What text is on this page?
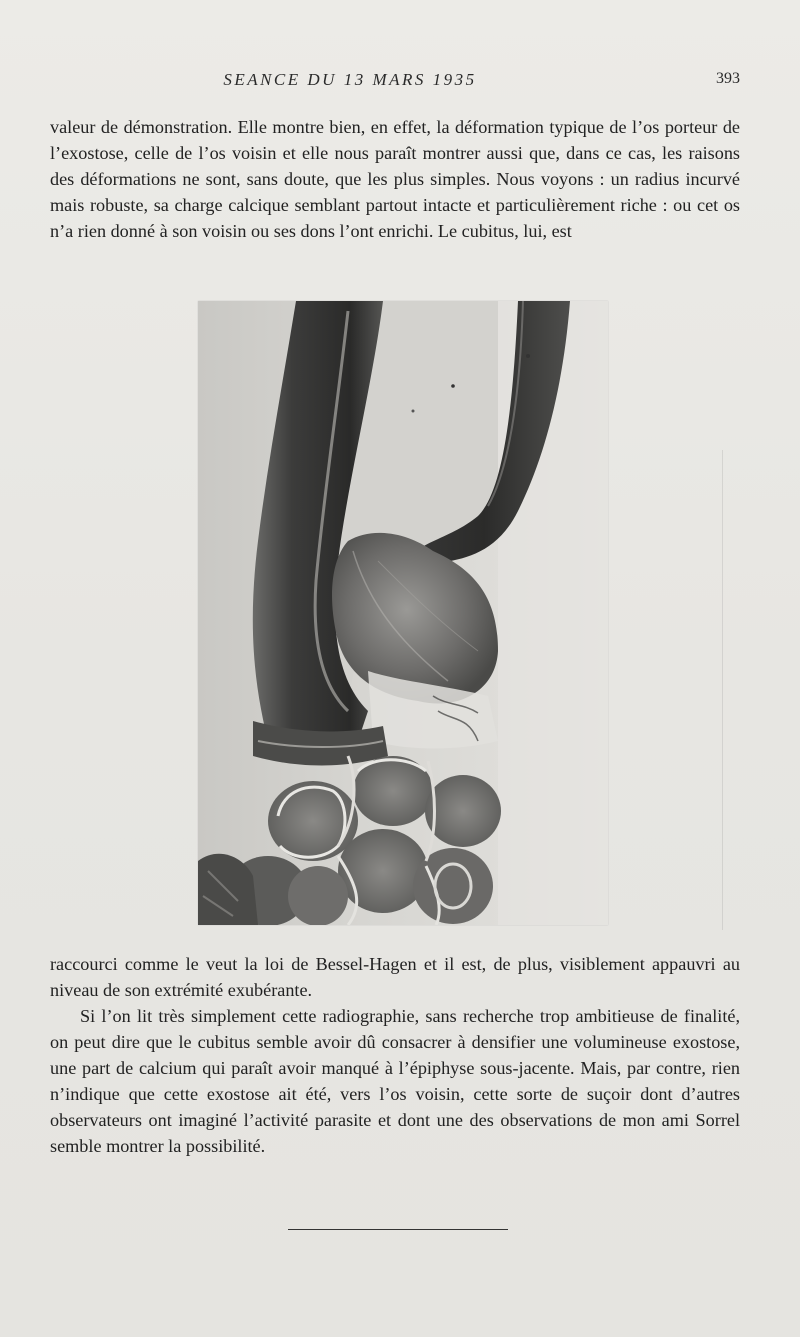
SEANCE DU 13 MARS 1935	393

valeur de démonstration. Elle montre bien, en effet, la déformation typique de l’os porteur de l’exostose, celle de l’os voisin et elle nous paraît montrer aussi que, dans ce cas, les raisons des déformations ne sont, sans doute, que les plus simples. Nous voyons : un radius incurvé mais robuste, sa charge calcique semblant partout intacte et particulièrement riche : ou cet os n’a rien donné à son voisin ou ses dons l’ont enrichi. Le cubitus, lui, est

raccourci comme le veut la loi de Bessel-Hagen et il est, de plus, visiblement appauvri au niveau de son extrémité exubérante.

Si l’on lit très simplement cette radiographie, sans recherche trop ambitieuse de finalité, on peut dire que le cubitus semble avoir dû consacrer à densifier une volumineuse exostose, une part de calcium qui paraît avoir manqué à l’épiphyse sous-jacente. Mais, par contre, rien n’indique que cette exostose ait été, vers l’os voisin, cette sorte de suçoir dont d’autres observateurs ont imaginé l’activité parasite et dont une des observations de mon ami Sorrel semble montrer la possibilité.
